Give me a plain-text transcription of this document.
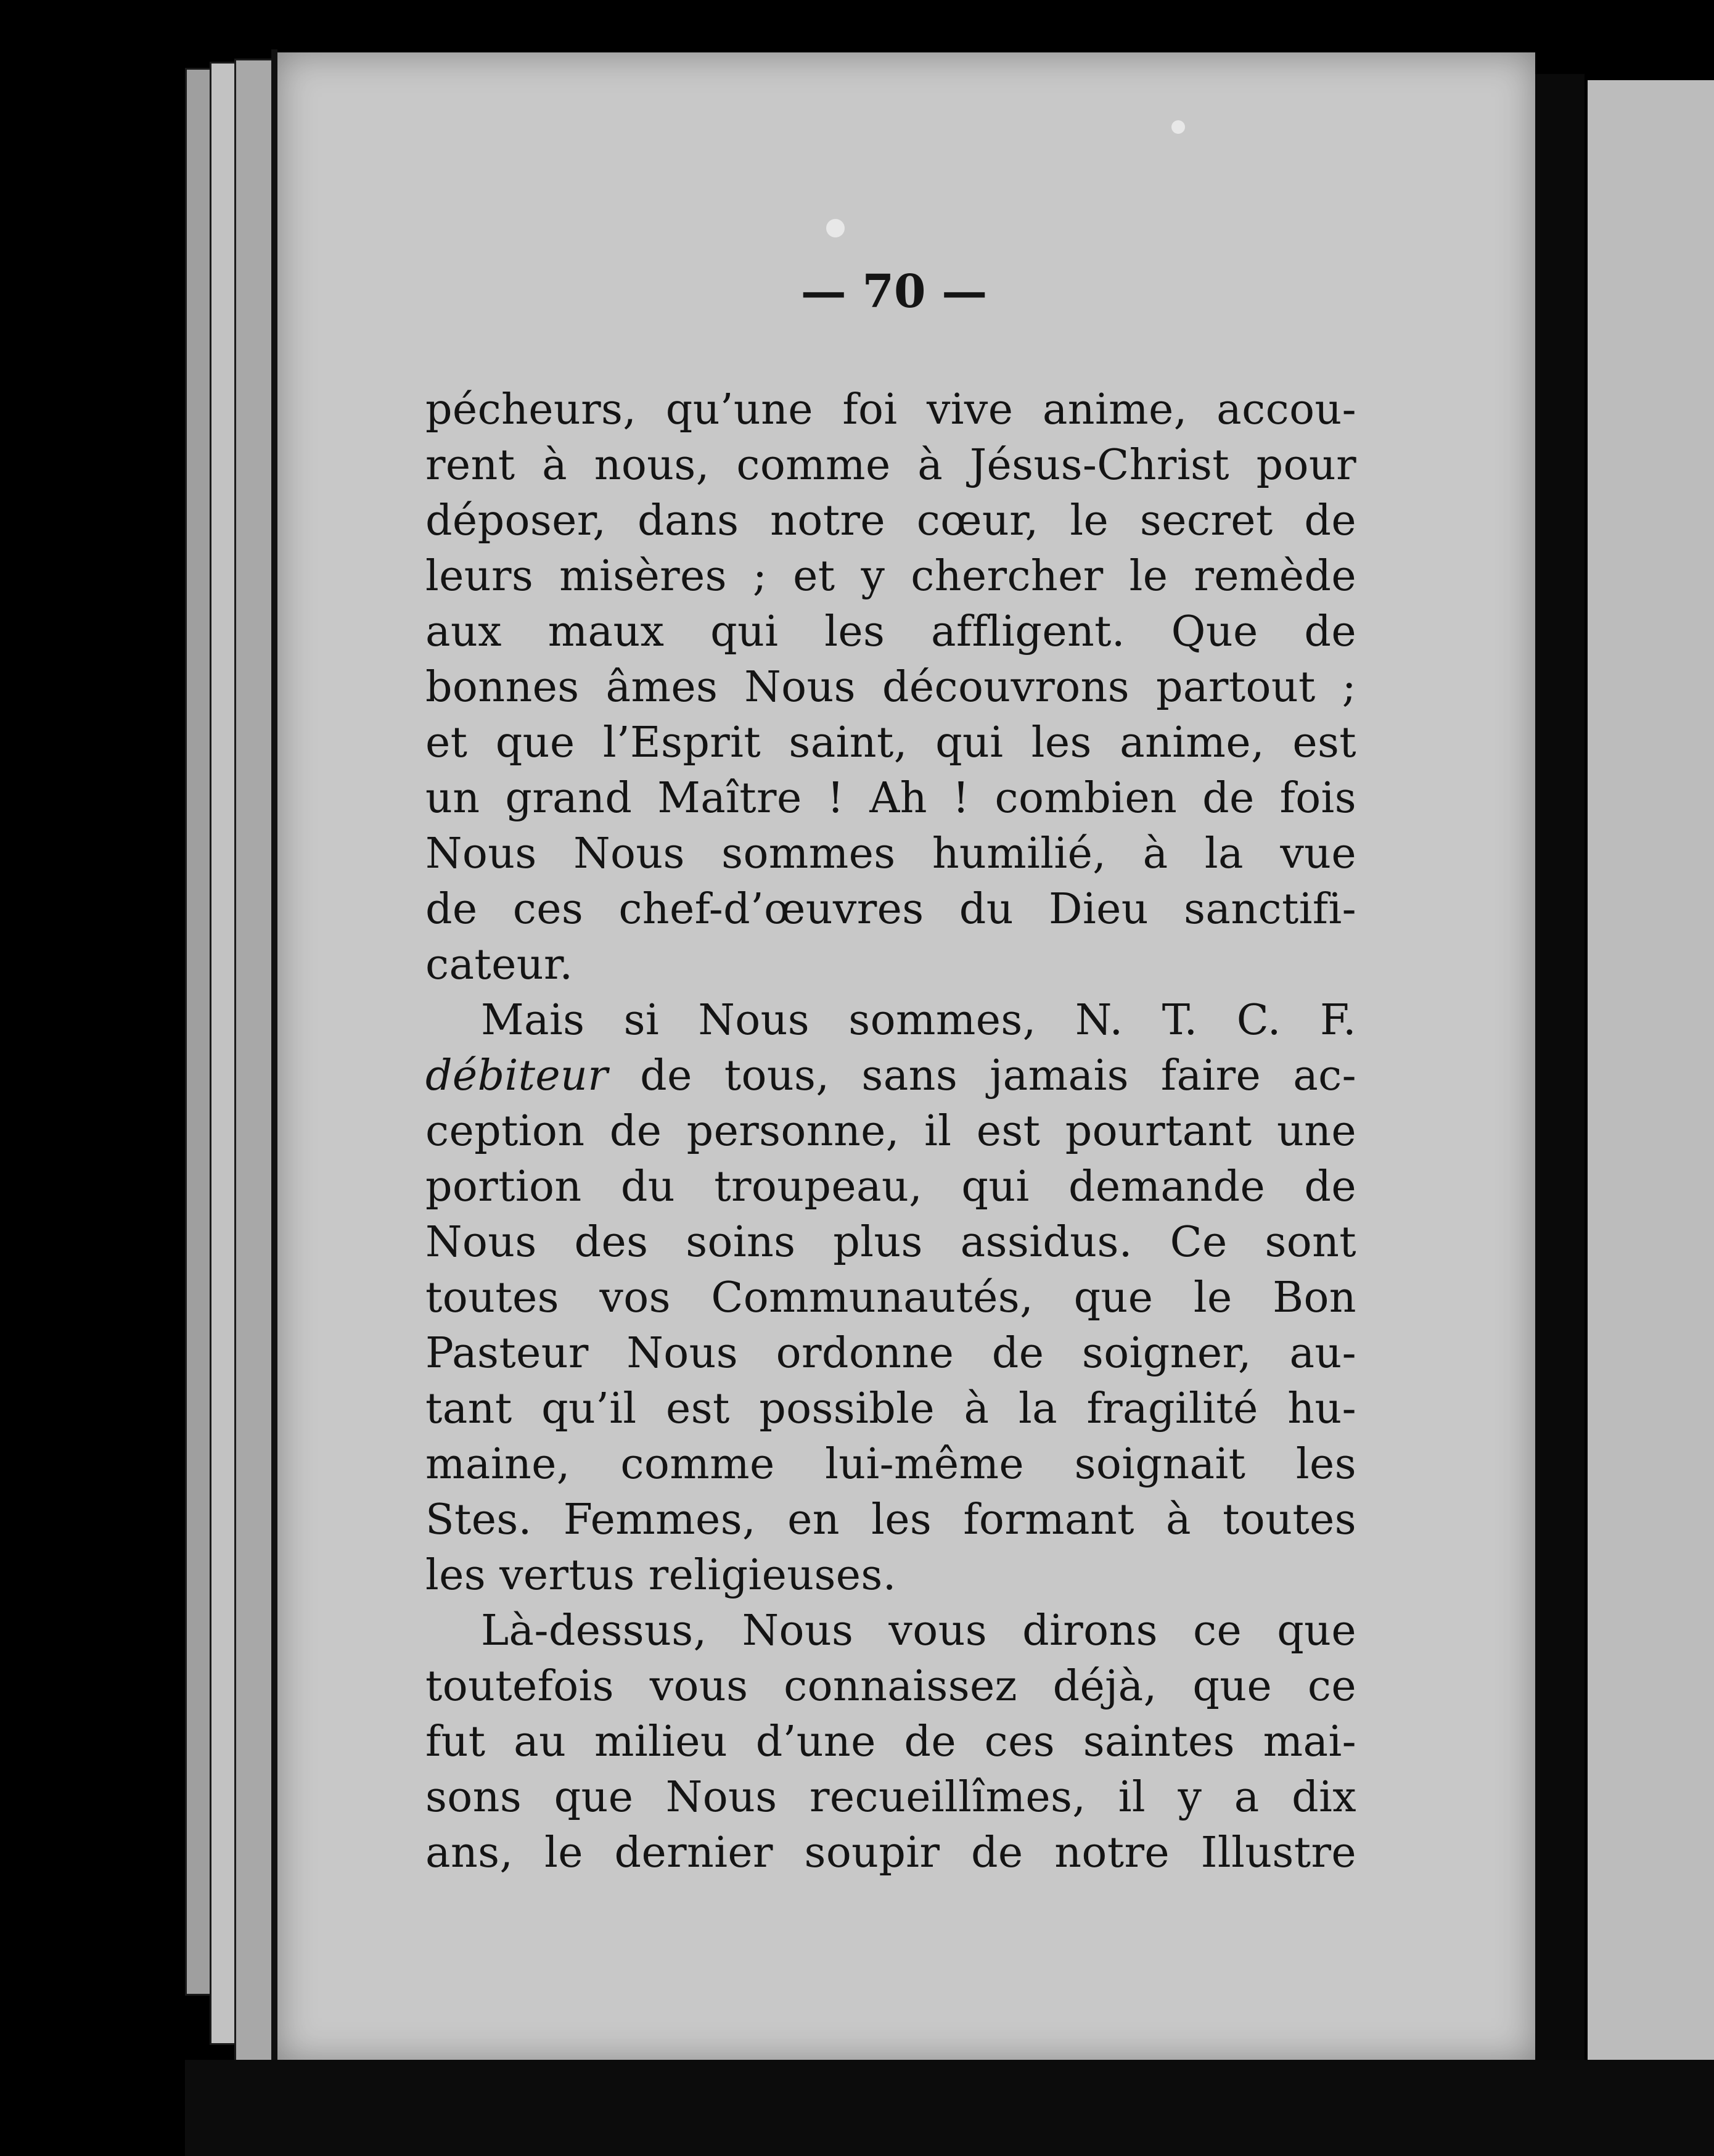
— 70 —
pécheurs, qu’une foi vive anime, accou-
rent à nous, comme à Jésus-Christ pour
déposer, dans notre cœur, le secret de
leurs misères ; et y chercher le remède
aux maux qui les affligent. Que de
bonnes âmes Nous découvrons partout ;
et que l’Esprit saint, qui les animе, est
un grand Maître ! Ah ! combien de fois
Nous Nous sommes humilié, à la vue
de ces chef-d’œuvres du Dieu sanctifi-
cateur.
Mais si Nous sommes, N. T. C. F.
débiteur de tous, sans jamais faire ac-
ception de personne, il est pourtant une
portion du troupeau, qui demande de
Nous des soins plus assidus. Ce sont
toutes vos Communautés, que le Bon
Pasteur Nous ordonne de soigner, au-
tant qu’il est possible à la fragilité hu-
maine, comme lui-même soignait les
Stes. Femmes, en les formant à toutes
les vertus religieuses.
Là-dessus, Nous vous dirons ce que
toutefois vous connaissez déjà, que ce
fut au milieu d’une de ces saintes mai-
sons que Nous recueillîmes, il y a dix
ans, le dernier soupir de notre Illustre
